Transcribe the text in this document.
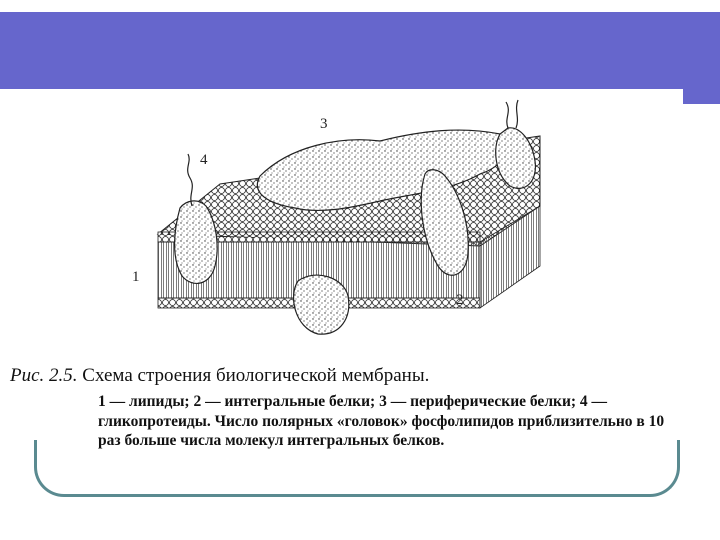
1
2
3
4
Рис. 2.5. Схема строения биологической мембраны.
1 — липиды; 2 — интегральные белки; 3 — периферические белки; 4 — гликопротеиды. Число полярных «головок» фосфолипидов приблизительно в 10 раз больше числа молекул интегральных белков.
